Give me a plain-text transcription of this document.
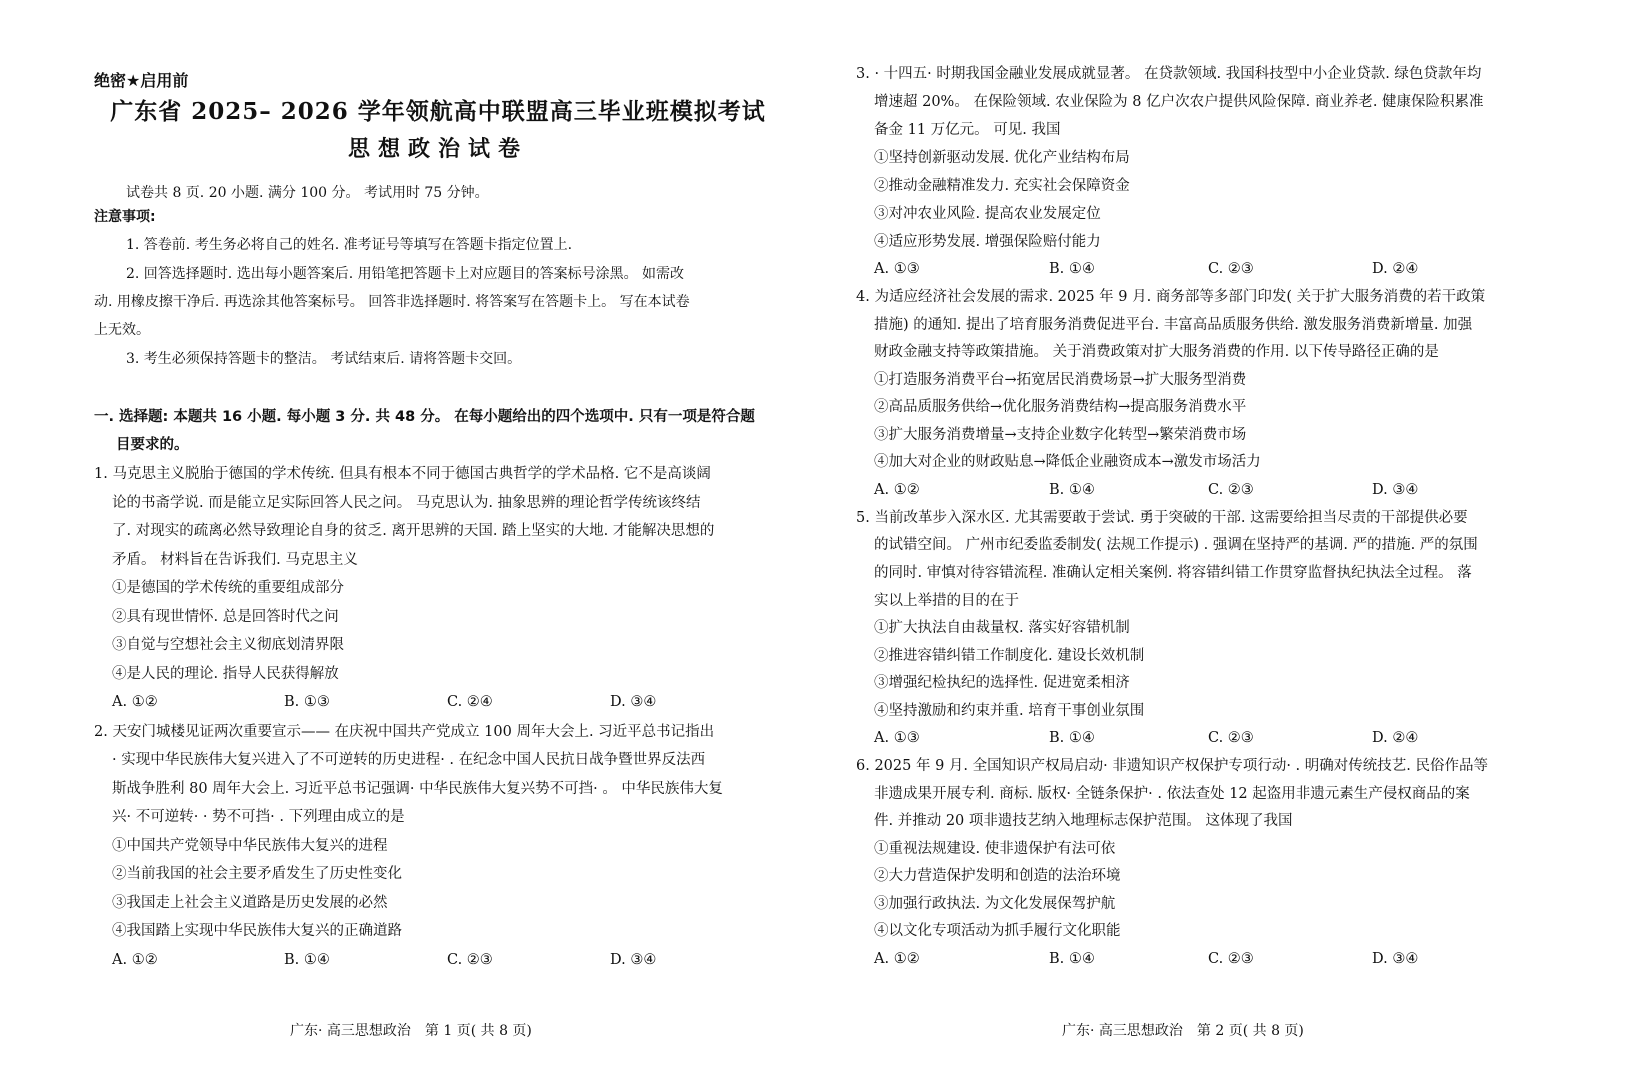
绝密★启用前
广东省 2025– 2026 学年领航高中联盟高三毕业班模拟考试
思想政治试卷
试卷共 8 页. 20 小题. 满分 100 分。 考试用时 75 分钟。
注意事项:
1. 答卷前. 考生务必将自己的姓名. 准考证号等填写在答题卡指定位置上.
2. 回答选择题时. 选出每小题答案后. 用铅笔把答题卡上对应题目的答案标号涂黑。 如需改
动. 用橡皮擦干净后. 再选涂其他答案标号。 回答非选择题时. 将答案写在答题卡上。 写在本试卷
上无效。
3. 考生必须保持答题卡的整洁。 考试结束后. 请将答题卡交回。
一. 选择题: 本题共 16 小题. 每小题 3 分. 共 48 分。 在每小题给出的四个选项中. 只有一项是符合题
目要求的。
1. 马克思主义脱胎于德国的学术传统. 但具有根本不同于德国古典哲学的学术品格. 它不是高谈阔
论的书斋学说. 而是能立足实际回答人民之问。 马克思认为. 抽象思辨的理论哲学传统该终结
了. 对现实的疏离必然导致理论自身的贫乏. 离开思辨的天国. 踏上坚实的大地. 才能解决思想的
矛盾。 材料旨在告诉我们. 马克思主义
①是德国的学术传统的重要组成部分
②具有现世情怀. 总是回答时代之问
③自觉与空想社会主义彻底划清界限
④是人民的理论. 指导人民获得解放
A. ①②	B. ①③	C. ②④	D. ③④
2. 天安门城楼见证两次重要宣示—— 在庆祝中国共产党成立 100 周年大会上. 习近平总书记指出
· 实现中华民族伟大复兴进入了不可逆转的历史进程· . 在纪念中国人民抗日战争暨世界反法西
斯战争胜利 80 周年大会上. 习近平总书记强调· 中华民族伟大复兴势不可挡· 。 中华民族伟大复
兴· 不可逆转· · 势不可挡· . 下列理由成立的是
①中国共产党领导中华民族伟大复兴的进程
②当前我国的社会主要矛盾发生了历史性变化
③我国走上社会主义道路是历史发展的必然
④我国踏上实现中华民族伟大复兴的正确道路
A. ①②	B. ①④	C. ②③	D. ③④
广东· 高三思想政治　第 1 页( 共 8 页)
3. · 十四五· 时期我国金融业发展成就显著。 在贷款领域. 我国科技型中小企业贷款. 绿色贷款年均
增速超 20%。 在保险领域. 农业保险为 8 亿户次农户提供风险保障. 商业养老. 健康保险积累准
备金 11 万亿元。 可见. 我国
①坚持创新驱动发展. 优化产业结构布局
②推动金融精准发力. 充实社会保障资金
③对冲农业风险. 提高农业发展定位
④适应形势发展. 增强保险赔付能力
A. ①③	B. ①④	C. ②③	D. ②④
4. 为适应经济社会发展的需求. 2025 年 9 月. 商务部等多部门印发( 关于扩大服务消费的若干政策
措施) 的通知. 提出了培育服务消费促进平台. 丰富高品质服务供给. 激发服务消费新增量. 加强
财政金融支持等政策措施。 关于消费政策对扩大服务消费的作用. 以下传导路径正确的是
①打造服务消费平台→拓宽居民消费场景→扩大服务型消费
②高品质服务供给→优化服务消费结构→提高服务消费水平
③扩大服务消费增量→支持企业数字化转型→繁荣消费市场
④加大对企业的财政贴息→降低企业融资成本→激发市场活力
A. ①②	B. ①④	C. ②③	D. ③④
5. 当前改革步入深水区. 尤其需要敢于尝试. 勇于突破的干部. 这需要给担当尽责的干部提供必要
的试错空间。 广州市纪委监委制发( 法规工作提示) . 强调在坚持严的基调. 严的措施. 严的氛围
的同时. 审慎对待容错流程. 准确认定相关案例. 将容错纠错工作贯穿监督执纪执法全过程。 落
实以上举措的目的在于
①扩大执法自由裁量权. 落实好容错机制
②推进容错纠错工作制度化. 建设长效机制
③增强纪检执纪的选择性. 促进宽柔相济
④坚持激励和约束并重. 培育干事创业氛围
A. ①③	B. ①④	C. ②③	D. ②④
6. 2025 年 9 月. 全国知识产权局启动· 非遗知识产权保护专项行动· . 明确对传统技艺. 民俗作品等
非遗成果开展专利. 商标. 版权· 全链条保护· . 依法查处 12 起盗用非遗元素生产侵权商品的案
件. 并推动 20 项非遗技艺纳入地理标志保护范围。 这体现了我国
①重视法规建设. 使非遗保护有法可依
②大力营造保护发明和创造的法治环境
③加强行政执法. 为文化发展保驾护航
④以文化专项活动为抓手履行文化职能
A. ①②	B. ①④	C. ②③	D. ③④
广东· 高三思想政治　第 2 页( 共 8 页)
